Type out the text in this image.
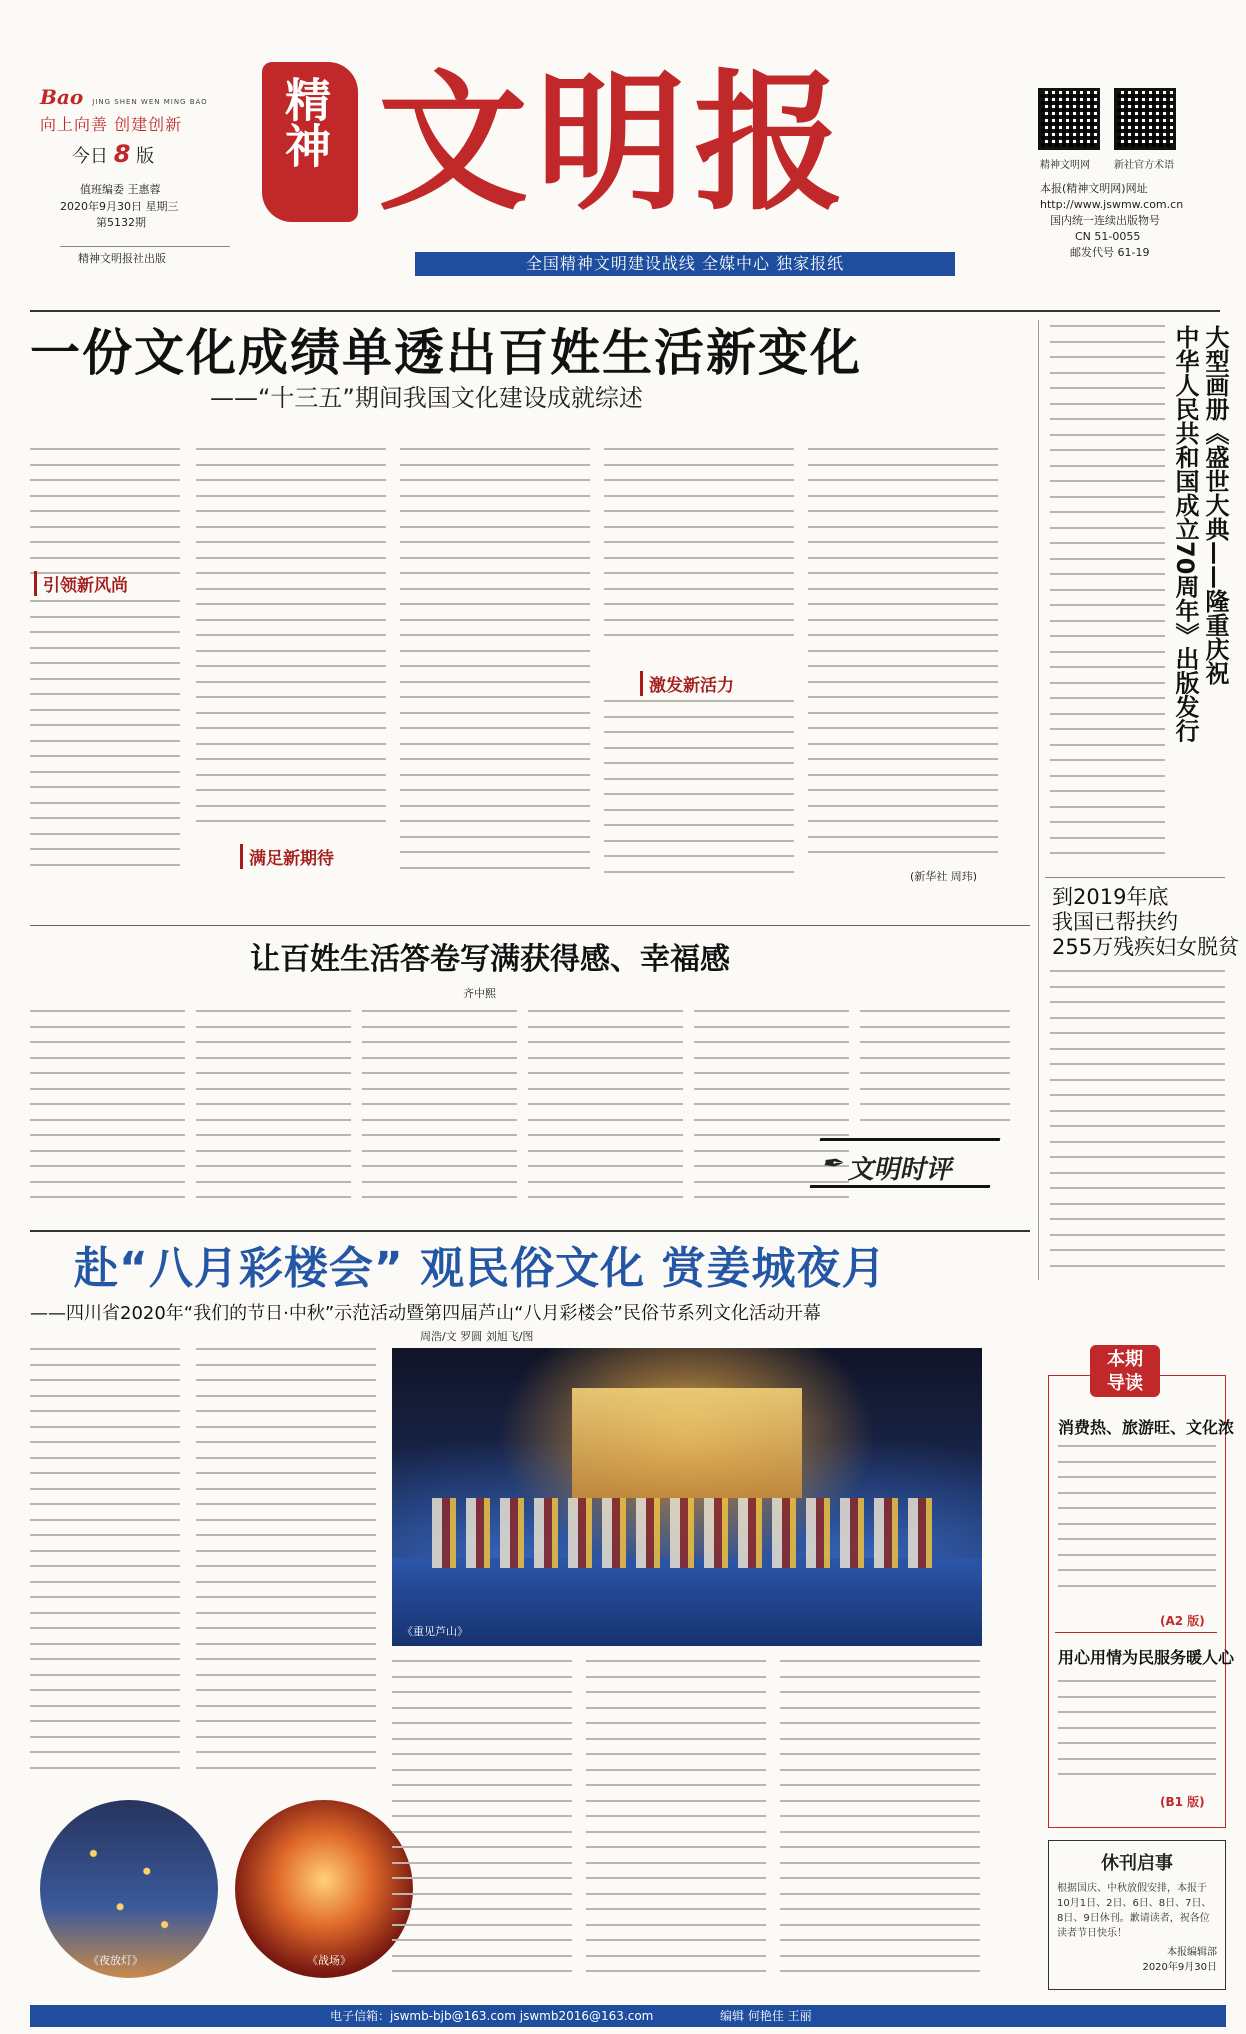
Bao JING SHEN WEN MING BAO
向上向善 创建创新
今日 8 版
值班编委 王惠蓉
2020年9月30日 星期三
第5132期
精神文明报社出版
精神 文明报
全国精神文明建设战线 全媒中心 独家报纸
精神文明网 新社官方术语
本报(精神文明网)网址
http://www.jswmw.com.cn
国内统一连续出版物号
CN 51-0055
邮发代号 61-19
一份文化成绩单透出百姓生活新变化
——“十三五”期间我国文化建设成就综述
引领新风尚
满足新期待
激发新活力
(新华社 周玮)
大型画册《盛世大典——隆重庆祝
中华人民共和国成立70周年》出版发行
到2019年底
我国已帮扶约
255万残疾妇女脱贫
让百姓生活答卷写满获得感、幸福感
齐中熙
文明时评
✒
赴“八月彩楼会” 观民俗文化 赏姜城夜月
——四川省2020年“我们的节日·中秋”示范活动暨第四届芦山“八月彩楼会”民俗节系列文化活动开幕
周浩/文 罗圆 刘旭飞/图
《重见芦山》
《夜放灯》	《战场》
本期
导读
消费热、旅游旺、文化浓
(A2 版)
用心用情为民服务暖人心
(B1 版)
休刊启事
根据国庆、中秋放假安排，本报于10月1日、2日、6日、8日、7日、8日、9日休刊。歉请读者，祝各位读者节日快乐！
本报编辑部
2020年9月30日
电子信箱：jswmb-bjb@163.com jswmb2016@163.com	编辑 何艳佳 王丽
